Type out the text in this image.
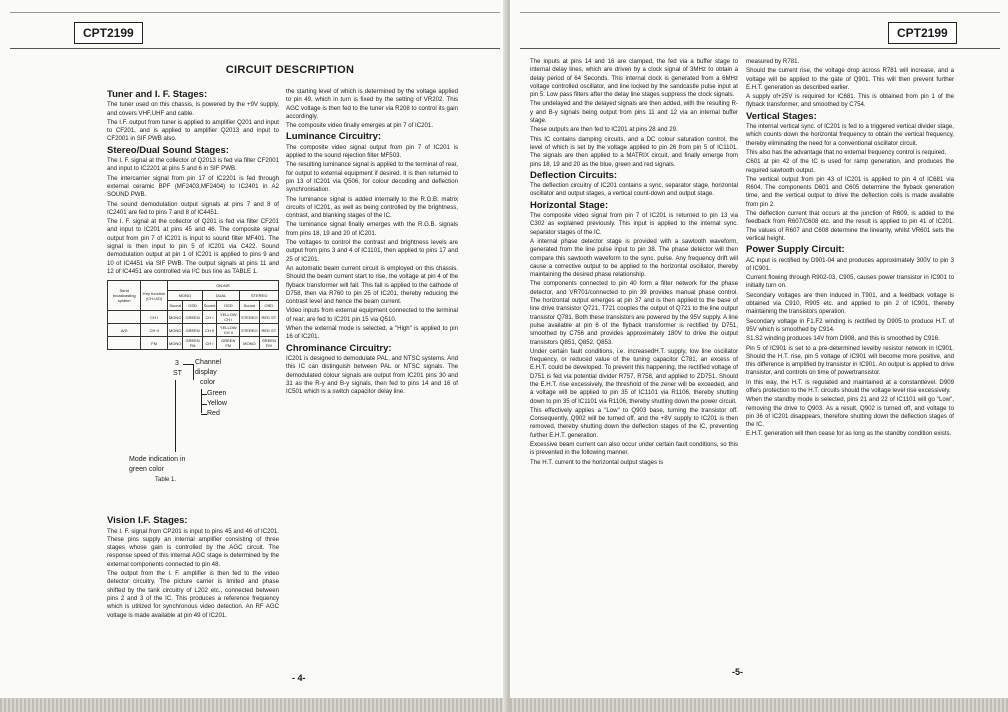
CPT2199
CIRCUIT DESCRIPTION
Tuner and I. F. Stages:

The tuner used on this chassis, is powered by the +9V supply, and covers VHF,UHF and cable.

The I.F. output from tuner is applied to amplifier Q201 and input to CF201, and is applied to amplifier Q2013 and input to CF2001 in SIF PWB also.

Stereo/Dual Sound Stages:

The I. F. signal at the collector of Q2013 is fed via filter CF2001 and input to IC2201 at pins 5 and 6 in SIF PWB.

The intercarrier signal from pin 17 of IC2201 is fed through external ceramic BPF (MF2403,MF2404) to IC2401 in A2 SOUND PWB.

The sound demodulation output signals at pins 7 and 8 of IC2401 are fed to pins 7 and 8 of IC4451.

The I. F. signal at the collector of Q201 is fed via filter CF201 and input to IC201 at pins 45 and 46. The composite signal output from pin 7 of IC201 is input to sound filter MF401. The signal is then input to pin 5 of IC201 via C422. Sound demodulation output at pin 1 of IC201 is applied to pins 9 and 10 of IC4451 via SIF PWB. The output signals at pins 11 and 12 of IC4451 are controlled via I²C bus line as TABLE 1.

Send broadcasting system	Key function (CH.U/D)	ON AIR					
		MONO		DUAL		STEREO	
		Sound	OSD	Sound	OSD	Sound	OSD
	CH I	MONO	GREEN	CH I	YELLOW CH I	STEREO	RED ST
A/D	CH II	MONO	GREEN	CH II	YELLOW CH II	STEREO	RED ST
	FM	MONO	GREEN FM	CH I	GREEN FM	MONO	GREEN FM
3
ST
Channel
display
color
Green
Yellow
Red
Mode indication in
green color
Table 1.
Vision I.F. Stages:

The I. F. signal from CP201 is input to pins 45 and 46 of IC201. These pins supply an internal amplifier consisting of three stages whose gain is controlled by the AGC circuit. The response speed of this internal AGC stage is determined by the external components connected to pin 48.

The output from the I. F. amplifier is then fed to the video detector circuitry. The picture carrier is limited and phase shifted by the tank circuitry of L202 etc., connected between pins 2 and 3 of the IC. This produces a reference frequency which is utilized for synchronous video detection. An RF AGC voltage is made available at pin 49 of IC201.

the starting level of which is determined by the voltage applied to pin 49, which in turn is fixed by the setting of VR202. This AGC voltage is then fed to the tuner via R208 to control its gain accordingly.

The composite video finally emerges at pin 7 of IC201.

Luminance Circuitry:

The composite video signal output from pin 7 of IC201 is applied to the sound rejection filter MF503.

The resulting luminance signal is applied to the terminal of rear, for output to external equipment if desired. It is then returned to pin 13 of IC201 via Q506, for colour decoding and deflection synchronisation.

The luminance signal is added internally to the R.G.B. matrix circuits of IC201, as well as being controlled by the brightness, contrast, and blanking stages of the IC.

The luminance signal finally emerges with the R.G.B. signals from pins 18, 19 and 20 of IC201.

The voltages to control the contrast and brightness levels are output from pins 3 and 4 of IC1101, then applied to pins 17 and 25 of IC201.

An automatic beam current circuit is employed on this chassis. Should the beam current start to rise, the voltage at pin 4 of the flyback transformer will fall. This fall is applied to the cathode of D758, then via R760 to pin 25 of IC201, thereby reducing the contrast level and hence the beam current.

Video inputs from external equipment connected to the terminal of rear, are fed to IC201 pin 15 via Q510.

When the external mode is selected, a "High" is applied to pin 16 of IC201.

Chrominance Circuitry:

IC201 is designed to demodulate PAL, and NTSC systems. And this IC can distinguish between PAL or NTSC signals. The demodulated colour signals are output from IC201 pins 30 and 31 as the R-y and B-y signals, then fed to pins 14 and 16 of IC501 which is a switch capacitor delay line.

- 4-

The inputs at pins 14 and 16 are clamped, the fed via a buffer stage to internal delay lines, which are driven by a clock signal of 3MHz to obtain a delay period of 64 Seconds. This internal clock is generated from a 6MHz voltage controlled oscillator, and line locked by the sandcastle pulse input at pin 5. Low pass filters after the delay line stages suppress the clock signals.

The undelayed and the delayed signals are then added, with the resulting R-y and B-y signals being output from pins 11 and 12 via an internal buffer stage.

These outputs are then fed to IC201 at pins 28 and 29.

This IC contains damping circuits, and a DC colour saturation control, the level of which is set by the voltage applied to pin 26 from pin 5 of IC1101. The signals are then applied to a MATRIX circuit, and finally emerge from pins 18, 19 and 20 as the blue, green and red signals.

Deflection Circuits:

The deflection circuitry of IC201 contains a sync, separator stage, horizontal oscillator and output stages, a vertical count-down and output stage.

Horizontal Stage:

The composite video signal from pin 7 of IC201 is returned to pin 13 via C302 as explained previously. This input is applied to the internal sync. separator stages of the IC.

A internal phase detector stage is provided with a sawtooth waveform, generated from the line pulse input to pin 38. The phase detector will then compare this sawtooth waveform to the sync. pulse. Any frequency drift will cause a corrective output to be applied to the horizontal oscillator, thereby maintaining the desired phase relationship.

The components connected to pin 40 form a filter network for the phase detector, and VR701/connected to pin 39 provides manual phase control. The horizontal output emerges at pin 37 and is then applied to the base of line drive transistor Q721, T721 couples the output of Q721 to the line output transistor Q781. Both these transistors are powered by the 95V supply. A line pulse available at pin 6 of the flyback transformer is rectified by D751, smoothed by C756 and provides approximately 180V to drive the output transistors Q851, Q852, Q853.

Under certain fault conditions, i.e. increasedH.T. supply, low line oscillator frequency, or reduced value of the tuning capacitor C781, an excess of E.H.T. could be developed. To prevent this happening, the rectified voltage of D751 is fed via potential divider R757, R758, and applied to ZD751. Should the E.H.T. rise excessively, the threshold of the zener will be exceeded, and a voltage will be applied to pin 35 of IC1101 via R1106, thereby shutting down to pin 35 of IC1101 via R1106, thereby shutting down the power circuit.

This effectively applies a "Low" to Q903 base, turning the transistor off. Consequently, Q902 will be turned off, and the +8V supply to IC201 is then removed, thereby shutting down the deflection stages of the IC, preventing further E.H.T. generation.

Excessive beam current can also occur under certain fault conditions, so this is prevented in the following manner.

The H.T. current to the horizontal output stages is

measured by R781.

Should the current rise, the voltage drop across R781 will increase, and a voltage will be applied to the gate of Q901. This will then prevent further E.H.T. generation as described earlier.

A supply of+25V is required for IC681. This is obtained from pin 1 of the flyback transformer, and smoothed by C754.

Vertical Stages:

The internal vertical sync. of IC201 is fed to a triggered vertical divider stage, which counts down the horizontal frequency to obtain the vertical frequency, thereby eliminating the need for a conventional oscillator circuit.

This also has the advantage that no external frequency control is required.

C601 at pin 42 of the IC is used for ramp generation, and produces the required sawtooth output.

The vertical output from pin 43 of IC201 is applied to pin 4 of IC681 via R604. The components D601 and C605 determine the flyback generation time, and the vertical output to drive the deflection coils is made available from pin 2.

The deflection current that occurs at the junction of R609, is added to the feedback from R607/C608 etc. and the result is applied to pin 41 of IC201. The values of R607 and C608 determine the linearity, whilst VR601 sets the vertical height.

Power Supply Circuit:

AC input is rectified by D901-04 and produces approximately 300V to pin 3 of IC901.

Current flowing through R902-03, C905, causes power transistor in IC901 to initially turn on.

Secondary voltages are then induced in T901, and a feedback voltage is obtained via C910, R905 etc. and applied to pin 2 of IC901, thereby maintaining the transistors operation.

Secondary voltage in F1.F2 winding is rectified by D905 to produce H.T. of 95V which is smoothed by C914.

S1.S2 winding produces 14V from D908, and this is smoothed by C916.

Pin 5 of IC901 is set to a pre-determined levelby resistor network in IC901. Should the H.T. rise, pin 5 voltage of IC901 will become more positive, and this difference is amplified by transistor in IC901. An output is applied to drive transistor, and controls on time of powertransistor.

In this way, the H.T. is regulated and maintained at a constantlevel. D909 offers protection to the H.T. circuits should the voltage level rise excessively.

When the standby mode is selected, pins 21 and 22 of IC1101 will go "Low", removing the drive to Q903. As a result, Q902 is turned off, and voltage to pin 36 of IC201 disappears, therefore shutting down the deflection stages of the IC.

E.H.T. generation will then cease for as long as the standby condition exists.

-5-
CPT2199
